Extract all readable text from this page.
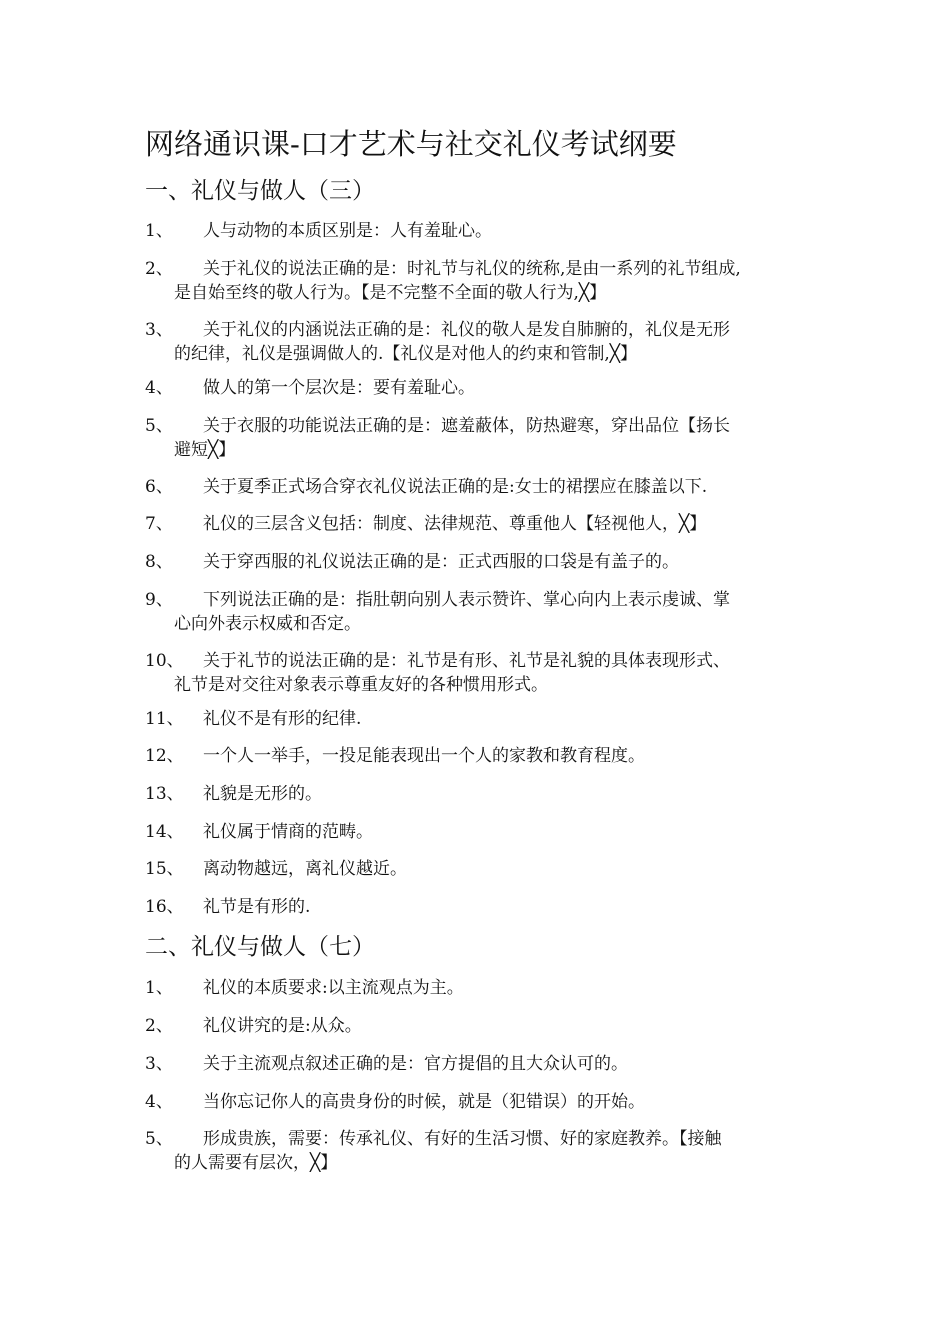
网络通识课-口才艺术与社交礼仪考试纲要
一、礼仪与做人（三）
1、	人与动物的本质区别是：人有羞耻心。
2、	关于礼仪的说法正确的是：时礼节与礼仪的统称,是由一系列的礼节组成,
是自始至终的敬人行为。【是不完整不全面的敬人行为,╳】
3、	关于礼仪的内涵说法正确的是：礼仪的敬人是发自肺腑的，礼仪是无形
的纪律，礼仪是强调做人的.【礼仪是对他人的约束和管制,╳】
4、	做人的第一个层次是：要有羞耻心。
5、	关于衣服的功能说法正确的是：遮羞蔽体，防热避寒，穿出品位【扬长
避短╳】
6、	关于夏季正式场合穿衣礼仪说法正确的是:女士的裙摆应在膝盖以下.
7、	礼仪的三层含义包括：制度、法律规范、尊重他人【轻视他人，╳】
8、	关于穿西服的礼仪说法正确的是：正式西服的口袋是有盖子的。
9、	下列说法正确的是：指肚朝向别人表示赞许、掌心向内上表示虔诚、掌
心向外表示权威和否定。
10、	关于礼节的说法正确的是：礼节是有形、礼节是礼貌的具体表现形式、
礼节是对交往对象表示尊重友好的各种惯用形式。
11、	礼仪不是有形的纪律.
12、	一个人一举手，一投足能表现出一个人的家教和教育程度。
13、	礼貌是无形的。
14、	礼仪属于情商的范畴。
15、	离动物越远，离礼仪越近。
16、	礼节是有形的.
二、礼仪与做人（七）
1、	礼仪的本质要求:以主流观点为主。
2、	礼仪讲究的是:从众。
3、	关于主流观点叙述正确的是：官方提倡的且大众认可的。
4、	当你忘记你人的高贵身份的时候，就是（犯错误）的开始。
5、	形成贵族，需要：传承礼仪、有好的生活习惯、好的家庭教养。【接触
的人需要有层次，╳】
